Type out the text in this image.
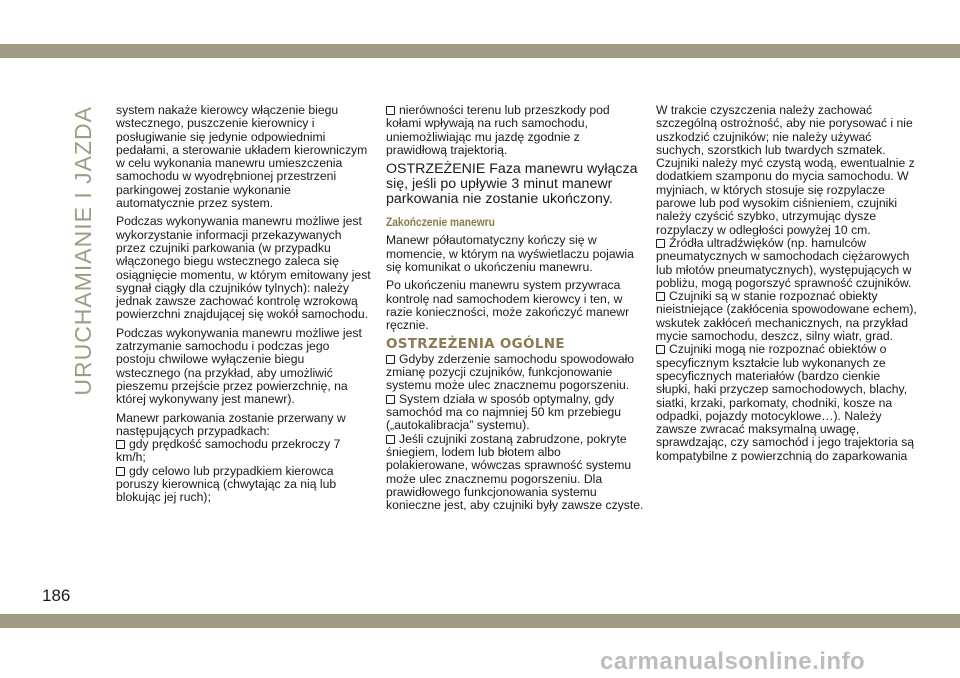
URUCHAMIANIE I JAZDA system nakaże kierowcy włączenie biegu wstecznego, puszczenie kierownicy i posługiwanie się jedynie odpowiednimi pedałami, a sterowanie układem kierowniczym w celu wykonania manewru umieszczenia samochodu w wyodrębnionej przestrzeni parkingowej zostanie wykonanie automatycznie przez system.

Podczas wykonywania manewru możliwe jest wykorzystanie informacji przekazywanych przez czujniki parkowania (w przypadku włączonego biegu wstecznego zaleca się osiągnięcie momentu, w którym emitowany jest sygnał ciągły dla czujników tylnych): należy jednak zawsze zachować kontrolę wzrokową powierzchni znajdującej się wokół samochodu.

Podczas wykonywania manewru możliwe jest zatrzymanie samochodu i podczas jego postoju chwilowe wyłączenie biegu wstecznego (na przykład, aby umożliwić pieszemu przejście przez powierzchnię, na której wykonywany jest manewr).

Manewr parkowania zostanie przerwany w następujących przypadkach:

gdy prędkość samochodu przekroczy 7 km/h;

gdy celowo lub przypadkiem kierowca poruszy kierownicą (chwytając za nią lub blokując jej ruch);

nierówności terenu lub przeszkody pod kołami wpływają na ruch samochodu, uniemożliwiając mu jazdę zgodnie z prawidłową trajektorią.

OSTRZEŻENIE Faza manewru wyłącza się, jeśli po upływie 3 minut manewr parkowania nie zostanie ukończony.

Zakończenie manewru

Manewr półautomatyczny kończy się w momencie, w którym na wyświetlaczu pojawia się komunikat o ukończeniu manewru.

Po ukończeniu manewru system przywraca kontrolę nad samochodem kierowcy i ten, w razie konieczności, może zakończyć manewr ręcznie.

OSTRZEŻENIA OGÓLNE

Gdyby zderzenie samochodu spowodowało zmianę pozycji czujników, funkcjonowanie systemu może ulec znacznemu pogorszeniu.

System działa w sposób optymalny, gdy samochód ma co najmniej 50 km przebiegu („autokalibracja” systemu).

Jeśli czujniki zostaną zabrudzone, pokryte śniegiem, lodem lub błotem albo polakierowane, wówczas sprawność systemu może ulec znacznemu pogorszeniu. Dla prawidłowego funkcjonowania systemu konieczne jest, aby czujniki były zawsze czyste.

W trakcie czyszczenia należy zachować szczególną ostrożność, aby nie porysować i nie uszkodzić czujników; nie należy używać suchych, szorstkich lub twardych szmatek. Czujniki należy myć czystą wodą, ewentualnie z dodatkiem szamponu do mycia samochodu. W myjniach, w których stosuje się rozpylacze parowe lub pod wysokim ciśnieniem, czujniki należy czyścić szybko, utrzymując dysze rozpylaczy w odległości powyżej 10 cm.

Źródła ultradźwięków (np. hamulców pneumatycznych w samochodach ciężarowych lub młotów pneumatycznych), występujących w pobliżu, mogą pogorszyć sprawność czujników.

Czujniki są w stanie rozpoznać obiekty nieistniejące (zakłócenia spowodowane echem), wskutek zakłóceń mechanicznych, na przykład mycie samochodu, deszcz, silny wiatr, grad.

Czujniki mogą nie rozpoznać obiektów o specyficznym kształcie lub wykonanych ze specyficznych materiałów (bardzo cienkie słupki, haki przyczep samochodowych, blachy, siatki, krzaki, parkomaty, chodniki, kosze na odpadki, pojazdy motocyklowe…). Należy zawsze zwracać maksymalną uwagę, sprawdzając, czy samochód i jego trajektoria są kompatybilne z powierzchnią do zaparkowania

186
carmanualsonline.info
